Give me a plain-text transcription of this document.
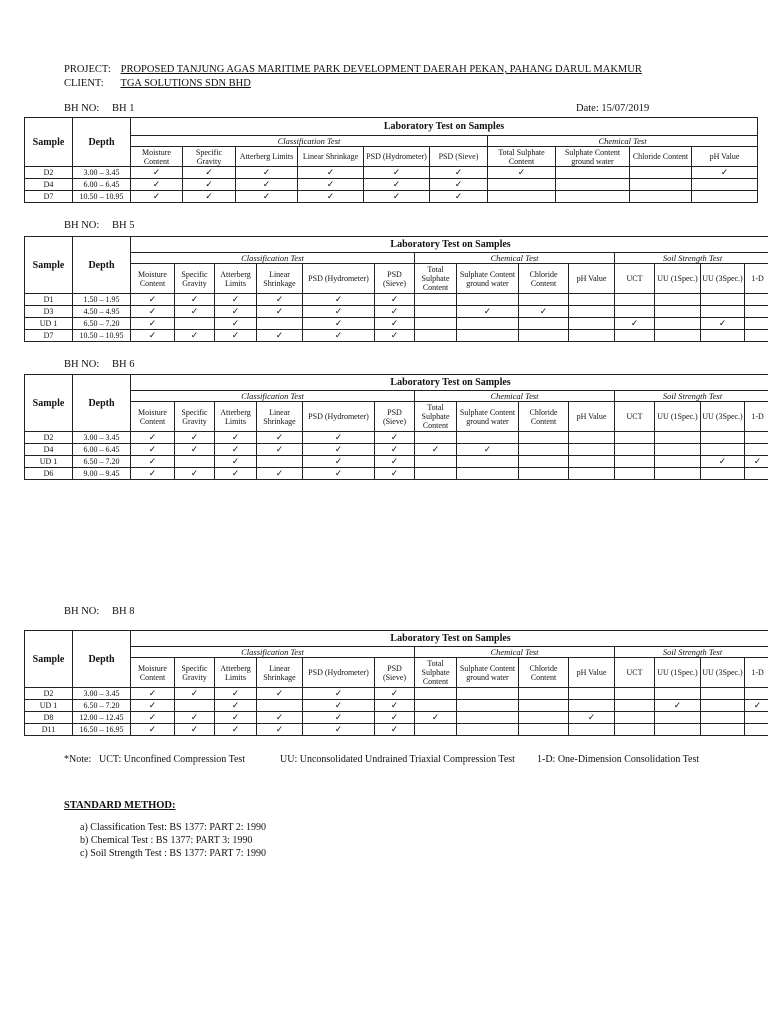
PROJECT: PROPOSED TANJUNG AGAS MARITIME PARK DEVELOPMENT DAERAH PEKAN, PAHANG DARUL MAKMUR
CLIENT: TGA SOLUTIONS SDN BHD
Date: 15/07/2019
BH NO: BH 1
BH NO: BH 5
BH NO: BH 6
BH NO: BH 8
Sample	Depth	Laboratory Test on Samples									
		Classification Test						Chemical Test			
		Moisture Content	Specific Gravity	Atterberg Limits	Linear Shrinkage	PSD (Hydrometer)	PSD (Sieve)	Total Sulphate Content	Sulphate Content ground water	Chloride Content	pH Value
D2	3.00 – 3.45	✓	✓	✓	✓	✓	✓	✓			✓
D4	6.00 – 6.45	✓	✓	✓	✓	✓	✓				
D7	10.50 – 10.95	✓	✓	✓	✓	✓	✓				
Sample	Depth	Laboratory Test on Samples													
		Classification Test						Chemical Test				Soil Strength Test			
		Moisture Content	Specific Gravity	Atterberg Limits	Linear Shrinkage	PSD (Hydrometer)	PSD (Sieve)	Total Sulphate Content	Sulphate Content ground water	Chloride Content	pH Value	UCT	UU (1Spec.)	UU (3Spec.)	1-D
D1	1.50 – 1.95	✓	✓	✓	✓	✓	✓								
D3	4.50 – 4.95	✓	✓	✓	✓	✓	✓		✓	✓					
UD 1	6.50 – 7.20	✓		✓		✓	✓					✓		✓	
D7	10.50 – 10.95	✓	✓	✓	✓	✓	✓								
Sample	Depth	Laboratory Test on Samples													
		Classification Test						Chemical Test				Soil Strength Test			
		Moisture Content	Specific Gravity	Atterberg Limits	Linear Shrinkage	PSD (Hydrometer)	PSD (Sieve)	Total Sulphate Content	Sulphate Content ground water	Chloride Content	pH Value	UCT	UU (1Spec.)	UU (3Spec.)	1-D
D2	3.00 – 3.45	✓	✓	✓	✓	✓	✓								
D4	6.00 – 6.45	✓	✓	✓	✓	✓	✓	✓	✓						
UD 1	6.50 – 7.20	✓		✓		✓	✓							✓	✓
D6	9.00 – 9.45	✓	✓	✓	✓	✓	✓								
Sample	Depth	Laboratory Test on Samples													
		Classification Test						Chemical Test				Soil Strength Test			
		Moisture Content	Specific Gravity	Atterberg Limits	Linear Shrinkage	PSD (Hydrometer)	PSD (Sieve)	Total Sulphate Content	Sulphate Content ground water	Chloride Content	pH Value	UCT	UU (1Spec.)	UU (3Spec.)	1-D
D2	3.00 – 3.45	✓	✓	✓	✓	✓	✓								
UD 1	6.50 – 7.20	✓		✓		✓	✓						✓		✓
D8	12.00 – 12.45	✓	✓	✓	✓	✓	✓	✓			✓				
D11	16.50 – 16.95	✓	✓	✓	✓	✓	✓								
*Note: UCT: Unconfined Compression Test	UU: Unconsolidated Undrained Triaxial Compression Test 1-D: One-Dimension Consolidation Test
STANDARD METHOD:
a) Classification Test: BS 1377: PART 2: 1990
b) Chemical Test : BS 1377: PART 3: 1990
c) Soil Strength Test : BS 1377: PART 7: 1990
